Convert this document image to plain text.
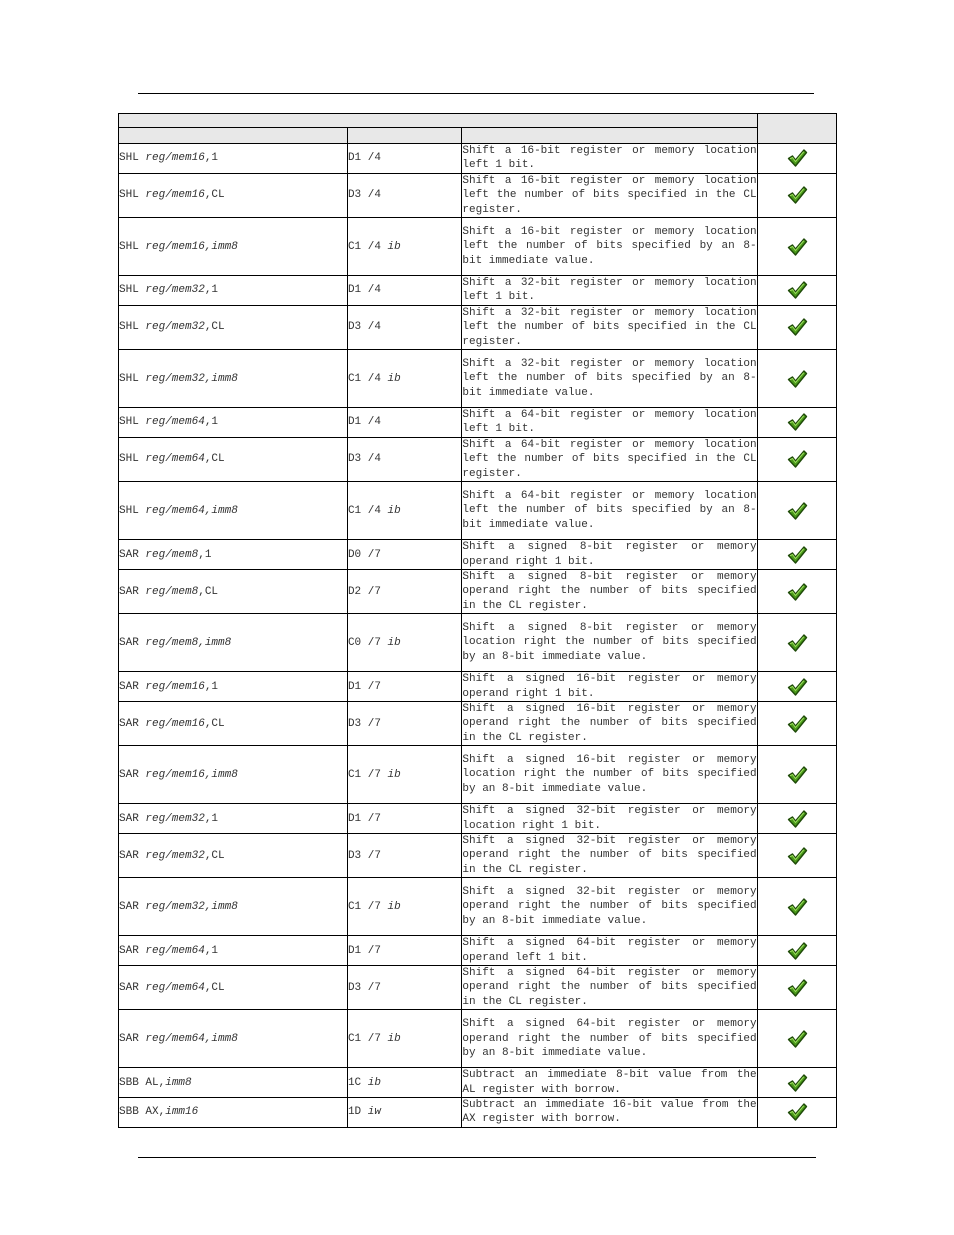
SHL reg/mem16,1	D1 /4	Shift a 16-bit register or memory location left 1 bit.	
SHL reg/mem16,CL	D3 /4	Shift a 16-bit register or memory location left the number of bits specified in the CL register.	
SHL reg/mem16,imm8	C1 /4 ib	Shift a 16-bit register or memory location left the number of bits specified by an 8-bit immediate value.	
SHL reg/mem32,1	D1 /4	Shift a 32-bit register or memory location left 1 bit.	
SHL reg/mem32,CL	D3 /4	Shift a 32-bit register or memory location left the number of bits specified in the CL register.	
SHL reg/mem32,imm8	C1 /4 ib	Shift a 32-bit register or memory location left the number of bits specified by an 8-bit immediate value.	
SHL reg/mem64,1	D1 /4	Shift a 64-bit register or memory location left 1 bit.	
SHL reg/mem64,CL	D3 /4	Shift a 64-bit register or memory location left the number of bits specified in the CL register.	
SHL reg/mem64,imm8	C1 /4 ib	Shift a 64-bit register or memory location left the number of bits specified by an 8-bit immediate value.	
SAR reg/mem8,1	D0 /7	Shift a signed 8-bit register or memory operand right 1 bit.	
SAR reg/mem8,CL	D2 /7	Shift a signed 8-bit register or memory operand right the number of bits specified in the CL register.	
SAR reg/mem8,imm8	C0 /7 ib	Shift a signed 8-bit register or memory location right the number of bits specified by an 8-bit immediate value.	
SAR reg/mem16,1	D1 /7	Shift a signed 16-bit register or memory operand right 1 bit.	
SAR reg/mem16,CL	D3 /7	Shift a signed 16-bit register or memory operand right the number of bits specified in the CL register.	
SAR reg/mem16,imm8	C1 /7 ib	Shift a signed 16-bit register or memory location right the number of bits specified by an 8-bit immediate value.	
SAR reg/mem32,1	D1 /7	Shift a signed 32-bit register or memory location right 1 bit.	
SAR reg/mem32,CL	D3 /7	Shift a signed 32-bit register or memory operand right the number of bits specified in the CL register.	
SAR reg/mem32,imm8	C1 /7 ib	Shift a signed 32-bit register or memory operand right the number of bits specified by an 8-bit immediate value.	
SAR reg/mem64,1	D1 /7	Shift a signed 64-bit register or memory operand left 1 bit.	
SAR reg/mem64,CL	D3 /7	Shift a signed 64-bit register or memory operand right the number of bits specified in the CL register.	
SAR reg/mem64,imm8	C1 /7 ib	Shift a signed 64-bit register or memory operand right the number of bits specified by an 8-bit immediate value.	
SBB AL,imm8	1C ib	Subtract an immediate 8-bit value from the AL register with borrow.	
SBB AX,imm16	1D iw	Subtract an immediate 16-bit value from the AX register with borrow.	
